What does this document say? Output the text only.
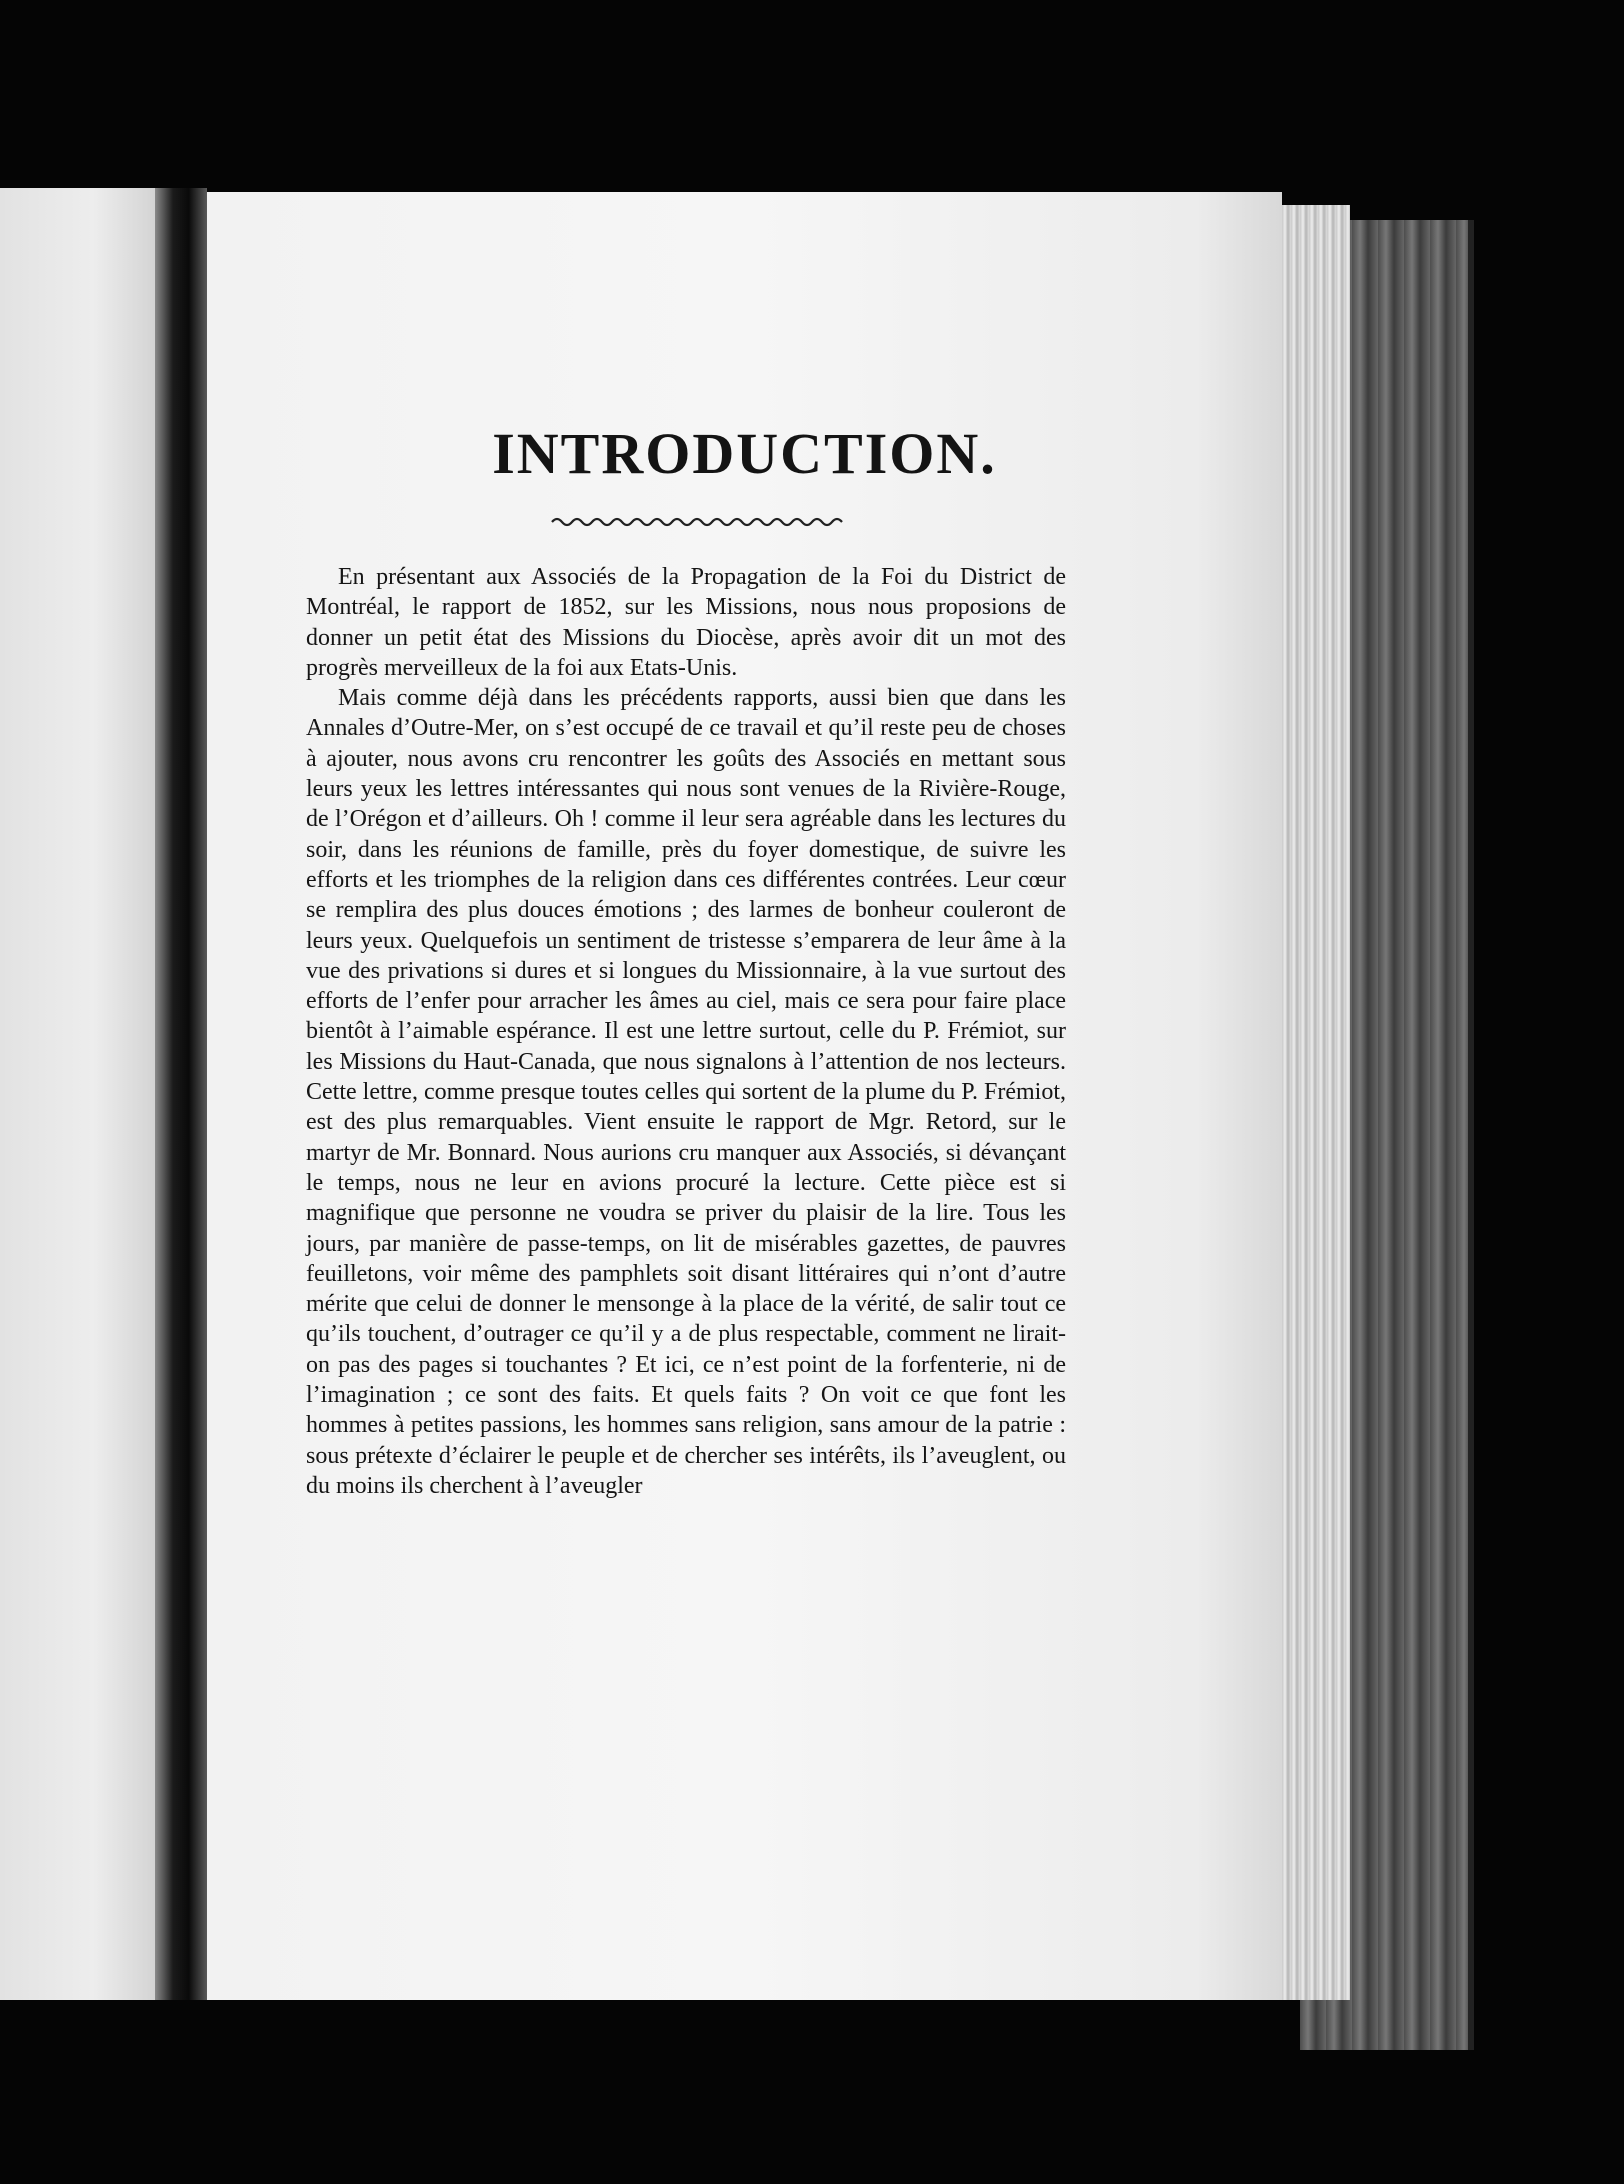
INTRODUCTION.

En présentant aux Associés de la Propagation de la Foi du District de Montréal, le rapport de 1852, sur les Missions, nous nous proposions de donner un petit état des Missions du Diocèse, après avoir dit un mot des progrès merveilleux de la foi aux Etats-Unis.

Mais comme déjà dans les précédents rapports, aussi bien que dans les Annales d’Outre-Mer, on s’est occupé de ce travail et qu’il reste peu de choses à ajouter, nous avons cru rencontrer les goûts des Associés en mettant sous leurs yeux les lettres intéressantes qui nous sont venues de la Rivière-Rouge, de l’Orégon et d’ailleurs. Oh ! comme il leur sera agréable dans les lectures du soir, dans les réunions de famille, près du foyer domestique, de suivre les efforts et les triomphes de la religion dans ces différentes contrées. Leur cœur se remplira des plus douces émotions ; des larmes de bonheur couleront de leurs yeux. Quelquefois un sentiment de tristesse s’emparera de leur âme à la vue des privations si dures et si longues du Missionnaire, à la vue surtout des efforts de l’enfer pour arracher les âmes au ciel, mais ce sera pour faire place bientôt à l’aimable espérance. Il est une lettre surtout, celle du P. Frémiot, sur les Missions du Haut-Canada, que nous signalons à l’attention de nos lecteurs. Cette lettre, comme presque toutes celles qui sortent de la plume du P. Frémiot, est des plus remarquables. Vient ensuite le rapport de Mgr. Retord, sur le martyr de Mr. Bonnard. Nous aurions cru manquer aux Associés, si dévançant le temps, nous ne leur en avions procuré la lecture. Cette pièce est si magnifique que personne ne voudra se priver du plaisir de la lire. Tous les jours, par manière de passe-temps, on lit de misérables gazettes, de pauvres feuilletons, voir même des pamphlets soit disant littéraires qui n’ont d’autre mérite que celui de donner le mensonge à la place de la vérité, de salir tout ce qu’ils touchent, d’outrager ce qu’il y a de plus respectable, comment ne lirait-on pas des pages si touchantes ? Et ici, ce n’est point de la forfenterie, ni de l’imagination ; ce sont des faits. Et quels faits ? On voit ce que font les hommes à petites passions, les hommes sans religion, sans amour de la patrie : sous prétexte d’éclairer le peuple et de chercher ses intérêts, ils l’aveuglent, ou du moins ils cherchent à l’aveugler
